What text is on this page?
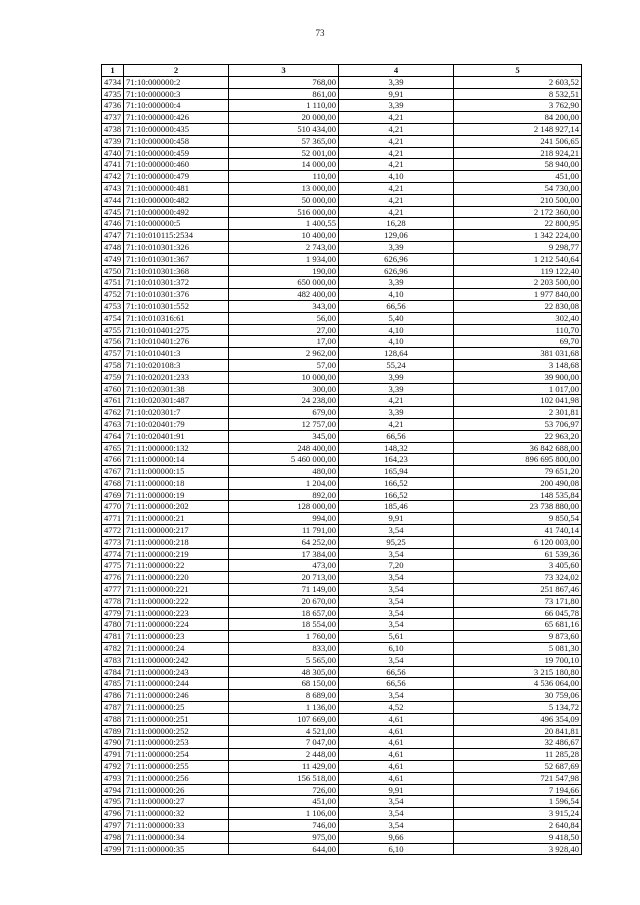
73
1	2	3	4	5
4734	71:10:000000:2	768,00	3,39	2 603,52
4735	71:10:000000:3	861,00	9,91	8 532,51
4736	71:10:000000:4	1 110,00	3,39	3 762,90
4737	71:10:000000:426	20 000,00	4,21	84 200,00
4738	71:10:000000:435	510 434,00	4,21	2 148 927,14
4739	71:10:000000:458	57 365,00	4,21	241 506,65
4740	71:10:000000:459	52 001,00	4,21	218 924,21
4741	71:10:000000:460	14 000,00	4,21	58 940,00
4742	71:10:000000:479	110,00	4,10	451,00
4743	71:10:000000:481	13 000,00	4,21	54 730,00
4744	71:10:000000:482	50 000,00	4,21	210 500,00
4745	71:10:000000:492	516 000,00	4,21	2 172 360,00
4746	71:10:000000:5	1 400,55	16,28	22 800,95
4747	71:10:010115:2534	10 400,00	129,06	1 342 224,00
4748	71:10:010301:326	2 743,00	3,39	9 298,77
4749	71:10:010301:367	1 934,00	626,96	1 212 540,64
4750	71:10:010301:368	190,00	626,96	119 122,40
4751	71:10:010301:372	650 000,00	3,39	2 203 500,00
4752	71:10:010301:376	482 400,00	4,10	1 977 840,00
4753	71:10:010301:552	343,00	66,56	22 830,08
4754	71:10:010316:61	56,00	5,40	302,40
4755	71:10:010401:275	27,00	4,10	110,70
4756	71:10:010401:276	17,00	4,10	69,70
4757	71:10:010401:3	2 962,00	128,64	381 031,68
4758	71:10:020108:3	57,00	55,24	3 148,68
4759	71:10:020201:233	10 000,00	3,99	39 900,00
4760	71:10:020301:38	300,00	3,39	1 017,00
4761	71:10:020301:487	24 238,00	4,21	102 041,98
4762	71:10:020301:7	679,00	3,39	2 301,81
4763	71:10:020401:79	12 757,00	4,21	53 706,97
4764	71:10:020401:91	345,00	66,56	22 963,20
4765	71:11:000000:132	248 400,00	148,32	36 842 688,00
4766	71:11:000000:14	5 460 000,00	164,23	896 695 800,00
4767	71:11:000000:15	480,00	165,94	79 651,20
4768	71:11:000000:18	1 204,00	166,52	200 490,08
4769	71:11:000000:19	892,00	166,52	148 535,84
4770	71:11:000000:202	128 000,00	185,46	23 738 880,00
4771	71:11:000000:21	994,00	9,91	9 850,54
4772	71:11:000000:217	11 791,00	3,54	41 740,14
4773	71:11:000000:218	64 252,00	95,25	6 120 003,00
4774	71:11:000000:219	17 384,00	3,54	61 539,36
4775	71:11:000000:22	473,00	7,20	3 405,60
4776	71:11:000000:220	20 713,00	3,54	73 324,02
4777	71:11:000000:221	71 149,00	3,54	251 867,46
4778	71:11:000000:222	20 670,00	3,54	73 171,80
4779	71:11:000000:223	18 657,00	3,54	66 045,78
4780	71:11:000000:224	18 554,00	3,54	65 681,16
4781	71:11:000000:23	1 760,00	5,61	9 873,60
4782	71:11:000000:24	833,00	6,10	5 081,30
4783	71:11:000000:242	5 565,00	3,54	19 700,10
4784	71:11:000000:243	48 305,00	66,56	3 215 180,80
4785	71:11:000000:244	68 150,00	66,56	4 536 064,00
4786	71:11:000000:246	8 689,00	3,54	30 759,06
4787	71:11:000000:25	1 136,00	4,52	5 134,72
4788	71:11:000000:251	107 669,00	4,61	496 354,09
4789	71:11:000000:252	4 521,00	4,61	20 841,81
4790	71:11:000000:253	7 047,00	4,61	32 486,67
4791	71:11:000000:254	2 448,00	4,61	11 285,28
4792	71:11:000000:255	11 429,00	4,61	52 687,69
4793	71:11:000000:256	156 518,00	4,61	721 547,98
4794	71:11:000000:26	726,00	9,91	7 194,66
4795	71:11:000000:27	451,00	3,54	1 596,54
4796	71:11:000000:32	1 106,00	3,54	3 915,24
4797	71:11:000000:33	746,00	3,54	2 640,84
4798	71:11:000000:34	975,00	9,66	9 418,50
4799	71:11:000000:35	644,00	6,10	3 928,40
